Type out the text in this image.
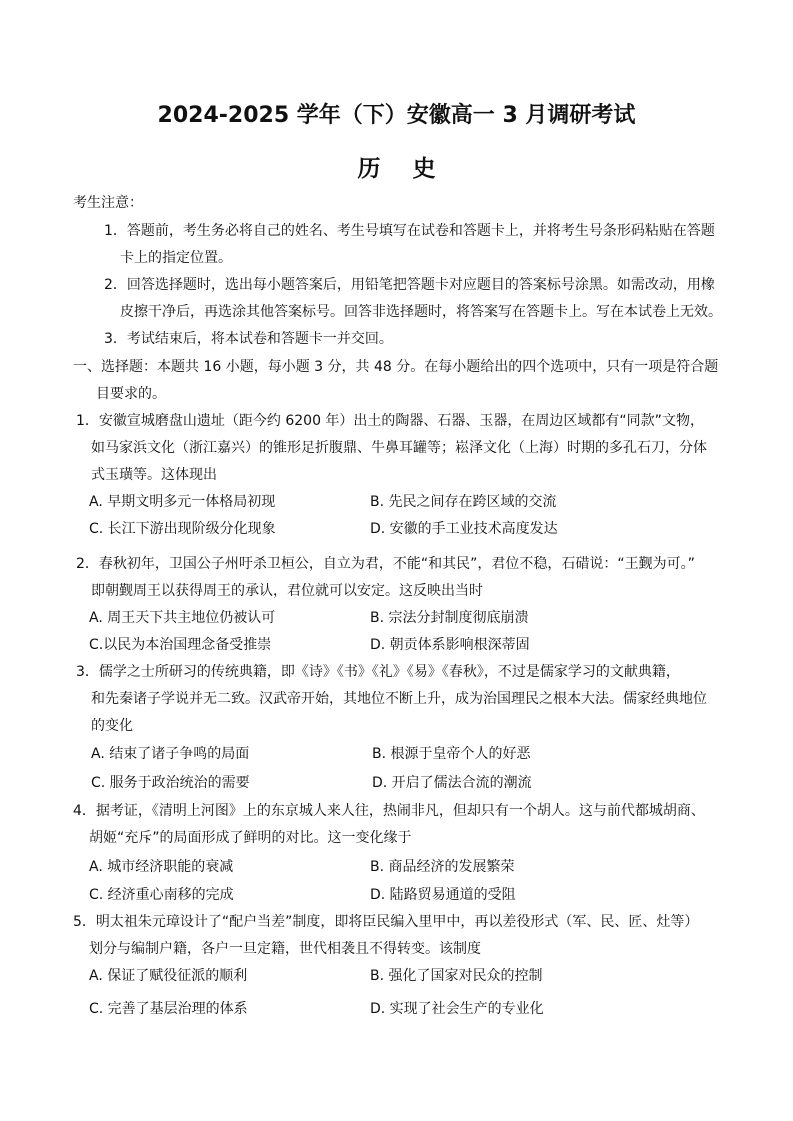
2024-2025 学年（下）安徽高一 3 月调研考试
历 史
考生注意：
1．答题前，考生务必将自己的姓名、考生号填写在试卷和答题卡上，并将考生号条形码粘贴在答题
卡上的指定位置。
2．回答选择题时，选出每小题答案后，用铅笔把答题卡对应题目的答案标号涂黑。如需改动，用橡
皮擦干净后，再选涂其他答案标号。回答非选择题时，将答案写在答题卡上。写在本试卷上无效。
3．考试结束后，将本试卷和答题卡一并交回。
一、选择题：本题共 16 小题，每小题 3 分，共 48 分。在每小题给出的四个选项中，只有一项是符合题
目要求的。
1．安徽宣城磨盘山遗址（距今约 6200 年）出土的陶器、石器、玉器，在周边区域都有“同款”文物，
如马家浜文化（浙江嘉兴）的锥形足折腹鼎、牛鼻耳罐等；崧泽文化（上海）时期的多孔石刀，分体
式玉璜等。这体现出
A. 早期文明多元一体格局初现	B. 先民之间存在跨区域的交流
C. 长江下游出现阶级分化现象	D. 安徽的手工业技术高度发达
2．春秋初年，卫国公子州吁杀卫桓公，自立为君，不能“和其民”，君位不稳，石碏说：“王觐为可。”
即朝觐周王以获得周王的承认，君位就可以安定。这反映出当时
A. 周王天下共主地位仍被认可	B. 宗法分封制度彻底崩溃
C.以民为本治国理念备受推崇	D. 朝贡体系影响根深蒂固
3．儒学之士所研习的传统典籍，即《诗》《书》《礼》《易》《春秋》，不过是儒家学习的文献典籍，
和先秦诸子学说并无二致。汉武帝开始，其地位不断上升，成为治国理民之根本大法。儒家经典地位
的变化
A. 结束了诸子争鸣的局面	B. 根源于皇帝个人的好恶
C. 服务于政治统治的需要	D. 开启了儒法合流的潮流
4．据考证，《清明上河图》上的东京城人来人往，热闹非凡，但却只有一个胡人。这与前代都城胡商、
胡姬“充斥”的局面形成了鲜明的对比。这一变化缘于
A. 城市经济职能的衰减	B. 商品经济的发展繁荣
C. 经济重心南移的完成	D. 陆路贸易通道的受阻
5．明太祖朱元璋设计了“配户当差”制度，即将臣民编入里甲中，再以差役形式（军、民、匠、灶等）
划分与编制户籍，各户一旦定籍，世代相袭且不得转变。该制度
A. 保证了赋役征派的顺利	B. 强化了国家对民众的控制
C. 完善了基层治理的体系	D. 实现了社会生产的专业化
